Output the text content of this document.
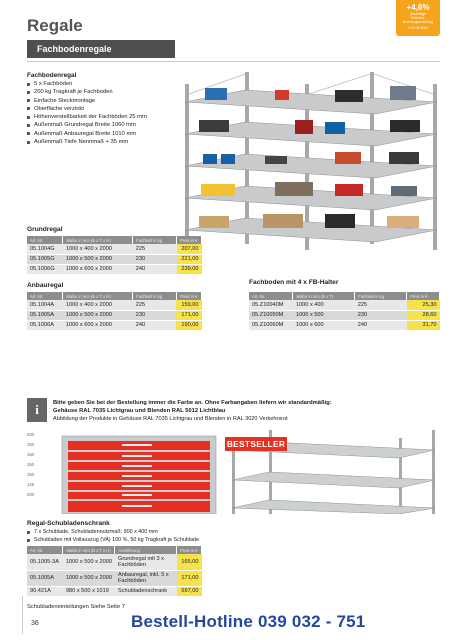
Regale
+4,6%
Zuschläge
Material-
teuerungszuschlag
+ 01.04.2021
Fachbodenregale
Fachbodenregal
5 x Fachböden
200 kg Tragkraft je Fachboden
Einfache Steckmontage
Oberfläche verzinkt
Höhenverstellbarkeit der Fachböden 25 mm
Außenmaß Grundregal Breite 1060 mm
Außenmaß Anbauregal Breite 1010 mm
Außenmaß Tiefe Nennmaß + 35 mm
Grundregal
Art.-Nr.	Maße in mm (B x T x H)	Fachlast in kg	Preis in €
05.1004G	1000 x 400 x 2000	225	207,00
05.1005G	1000 x 500 x 2000	230	221,00
05.1006G	1000 x 600 x 2000	240	239,00
Anbauregal
Art.-Nr.	Maße in mm (B x T x H)	Fachlast in kg	Preis in €
05.1004A	1000 x 400 x 2000	225	159,00
05.1005A	1000 x 500 x 2000	230	171,00
05.1006A	1000 x 600 x 2000	240	190,00
Fachboden mit 4 x FB-Halter
Art.-Nr.	Maße in mm (B x T)	Fachlast in kg	Preis in €
05.Z10040M	1000 x 400	225	25,30
05.Z10050M	1000 x 500	230	28,60
05.Z10060M	1000 x 600	240	31,70
i	Bitte geben Sie bei der Bestellung immer die Farbe an. Ohne Farbangaben liefern wir standardmäßig:
Gehäuse RAL 7035 Lichtgrau und Blenden RAL 5012 Lichtblau
Abbildung der Produkte in Gehäuse RAL 7035 Lichtgrau und Blenden in RAL 3020 Verkehrsrot
200
150
150
150
150
125
200
BESTSELLER
Regal-Schubladenschrank
7 x Schublade, Schubladennutzmaß: 900 x 400 mm
Schubladen mit Vollauszug (VA) 100 %, 50 kg Tragkraft je Schublade
Art.-Nr.	Maße in mm (B x T x H)	Ausführung	Preis in €
05.1005-3A	1000 x 500 x 2000	Grundregal mit 3 x Fachböden	165,00
05.1005A	1000 x 500 x 2000	Anbauregal, inkl. 5 x Fachböden	171,00
90.421A	980 x 500 x 1019	Schubladenschrank	697,00
Schubladeneinteilungen Siehe Seite 7
36	Bestell-Hotline 039 032 - 751
